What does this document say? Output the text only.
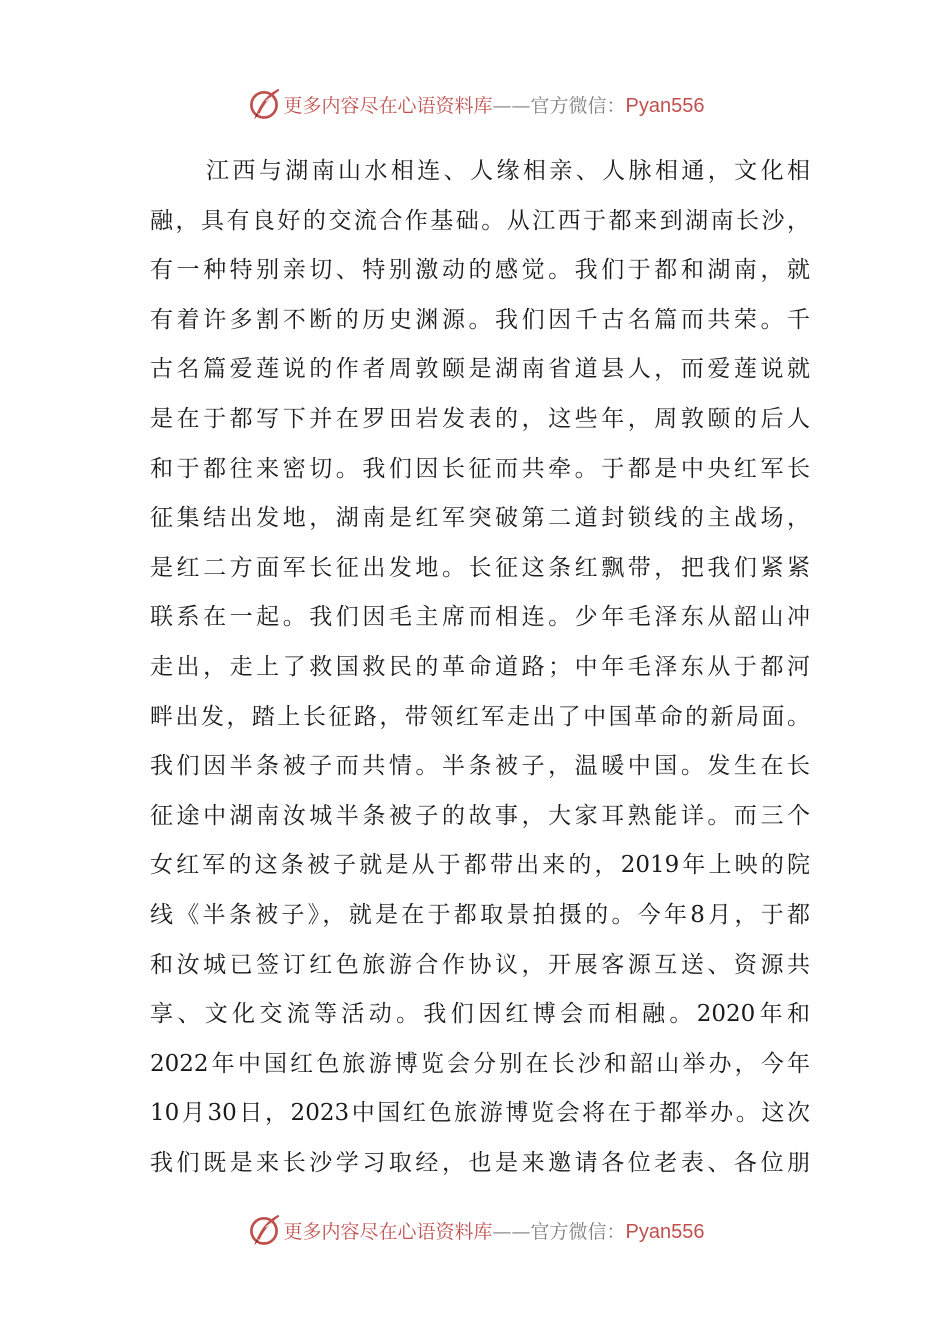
更多内容尽在心语资料库——官方微信：Pyan556
江西与湖南山水相连、人缘相亲、人脉相通，文化相
融，具有良好的交流合作基础。从江西于都来到湖南长沙，
有一种特别亲切、特别激动的感觉。我们于都和湖南，就
有着许多割不断的历史渊源。我们因千古名篇而共荣。千
古名篇爱莲说的作者周敦颐是湖南省道县人，而爱莲说就
是在于都写下并在罗田岩发表的，这些年，周敦颐的后人
和于都往来密切。我们因长征而共牵。于都是中央红军长
征集结出发地，湖南是红军突破第二道封锁线的主战场，
是红二方面军长征出发地。长征这条红飘带，把我们紧紧
联系在一起。我们因毛主席而相连。少年毛泽东从韶山冲
走出，走上了救国救民的革命道路；中年毛泽东从于都河
畔出发，踏上长征路，带领红军走出了中国革命的新局面。
我们因半条被子而共情。半条被子，温暖中国。发生在长
征途中湖南汝城半条被子的故事，大家耳熟能详。而三个
女红军的这条被子就是从于都带出来的，2019年上映的院
线《半条被子》，就是在于都取景拍摄的。今年8月，于都
和汝城已签订红色旅游合作协议，开展客源互送、资源共
享、文化交流等活动。我们因红博会而相融。2020年和
2022年中国红色旅游博览会分别在长沙和韶山举办，今年
10月30日，2023中国红色旅游博览会将在于都举办。这次
我们既是来长沙学习取经，也是来邀请各位老表、各位朋
更多内容尽在心语资料库——官方微信：Pyan556
